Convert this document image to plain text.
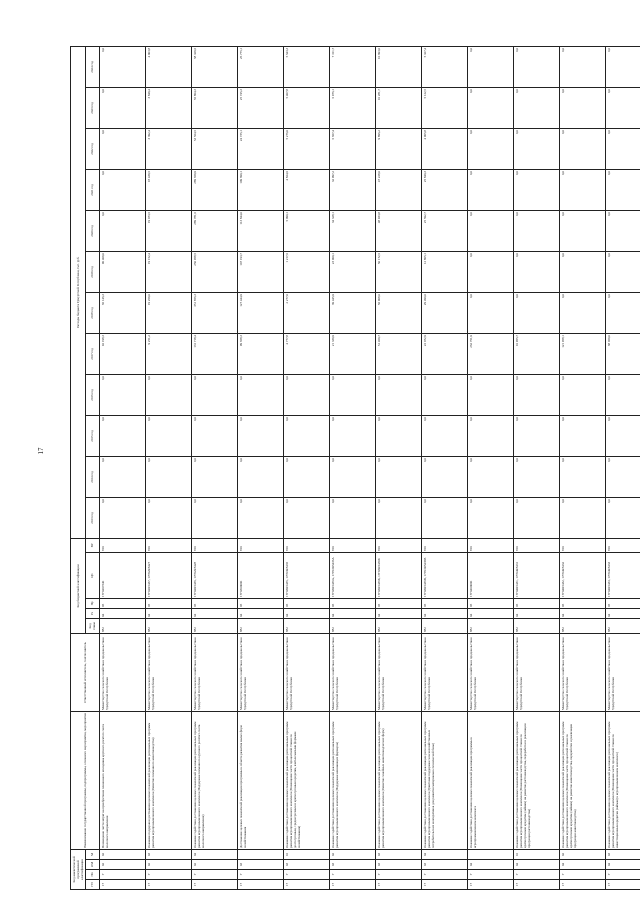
17
Код аналитической программной классификации				Наименование государственной программы, подпрограммы, основного мероприятия, мероприятия	Ответственный исполнитель, соисполнитель	Код бюджетной классификации					Расходы бюджета Удмуртской Республики, тыс. руб.											
ГП	Пп	ОМ	М			Код главы	Рз	Пр	ЦС	ВР	2013 год	2014 год	2015 год	2016 год	2017 год	2018 год	2019 год	2020 год	2021 год	2022 год	2023 год	2024 год
17	Г	02	02	Возмещение части затрат на приобретение племенного молодняка крупного рогатого скота молочного направления	Министерство сельского хозяйства и продовольствия Удмуртской Республики	882	04	05	17Г0207340	810	0,0	0,0	0,0	0,0	92 198,3	66 146,3	90 409,0	0,0	0,0	0,0	0,0	0,0
17	Г	02	03	Оказание поддержки достижения целевых показателей реализации региональных программ развития агропромышленного комплекса (Развитие племенного животноводства)	Министерство сельского хозяйства и продовольствия Удмуртской Республики	882	04	05	17Г02R5437, 17Г02R5427	810	0,0	0,0	0,0	0,0	9 251,2	19 269,0	19 152,4	19 073,5	18 439,5	3 392,4	3 849,4	4 903,8
17	Г	02	04	Оказание содействия достижению целевых показателей реализации региональных программ развития агропромышленного комплекса (Поддержка племенного крупного рогатого скота молочного направления)	Министерство сельского хозяйства и продовольствия Удмуртской Республики	882	04	05	17Г02R5436, 17Г02R5428	810	0,0	0,0	0,0	0,0	131 718,4	351 856,3	250 958,5	289 781,6	289 659,9	53 564,5	55 804,3	58 329,6
17	Г	03		Достижение целевых показателей реализации программы в области развития малых форм хозяйствования	Министерство сельского хозяйства и продовольствия Удмуртской Республики	882	04	05	17Г0300000	810	0,0	0,0	0,0	0,0	99 658,3	127 444,9	107 193,7	113 844,0	109 690,1	24 735,1	25 745,3	26 775,1
17	Г	03	01	Оказание содействия достижению целевых показателей реализации региональных программ развития агропромышленного комплекса (Возмещение части процентной ставки по долгосрочным, среднесрочным и краткосрочным кредитам, взятым малыми формами хозяйствования)	Министерство сельского хозяйства и продовольствия Удмуртской Республики	882	04	05	17Г03R5435, 17Г03R5435	810	0,0	0,0	0,0	0,0	4 777,8	2 277,0	1 217,6	5 090,1	4 824,6	5 276,0	5 407,8	5 543,3
17	Г	03	02	Оказание содействия достижению целевых показателей реализации региональных программ развития агропромышленного комплекса (Поддержка начинающих фермеров)	Министерство сельского хозяйства и продовольствия Удмуртской Республики	882	04	05	17Г03R5436А, 17Г03R5436А	810	0,0	0,0	0,0	0,0	21 339,9	39 445,9	23 900,1	34 328,1	32 997,2	6 667,4	6 976,1	7 311,7
17	Г	03	03	Оказание содействия достижению целевых показателей реализации региональных программ развития агропромышленного комплекса (Развитие семейных животноводческих ферм)	Министерство сельского хозяйства и продовольствия Удмуртской Республики	882	04	05	17Г03R5436Б, 17Г03R5436Б	810	0,0	0,0	0,0	0,0	51 469,7	56 908,0	50 172,5	48 933,8	47 228,0	9 896,2	10 281,7	10 693,0
17	Г	03	04	Оказание содействия достижению целевых показателей реализации региональных программ развития агропромышленного комплекса (Грантовая поддержка сельскохозяйственных потребительских кооперативов для развития материально-технической базы)	Министерство сельского хозяйства и продовольствия Удмуртской Республики	882	04	05	17Г03R5436В, 17Г03R5436В	810	0,0	0,0	0,0	0,0	22 072,9	29 490,0	12 805,1	25 592,7	25 840,3	4 905,8	5 122,5	5 327,4
17	Г	04		Оказание содействия достижению целевых показателей реализации программы в агропромышленном комплексе	Министерство сельского хозяйства и продовольствия Удмуртской Республики	882	04	05	17Г0400000	810	0,0	0,0	0,0	0,0	262 761,9	0,0	0,0	0,0	0,0	0,0	0,0	0,0
17	Г	04	01	Оказание содействия достижению целевых показателей реализации региональных программ развития агропромышленного комплекса (Возмещение части процентной ставки по краткосрочным кредитам (займам) на развитие растениеводства, переработки и реализации продукции растениеводства)	Министерство сельского хозяйства и продовольствия Удмуртской Республики	882	04	05	17Г04R5431, 17Г04R5431	810	0,0	0,0	0,0	0,0	10 955,7	0,0	0,0	0,0	0,0	0,0	0,0	0,0
17	Г	04	02	Оказание содействия достижению целевых показателей реализации региональных программ развития агропромышленного комплекса (Возмещение части процентной ставки по краткосрочным кредитам (займам) на развитие животноводства, переработки и реализации продукции животноводства)	Министерство сельского хозяйства и продовольствия Удмуртской Республики	882	04	05	17Г04R5432, 17Г04R5432	810	0,0	0,0	0,0	0,0	121 958,1	0,0	0,0	0,0	0,0	0,0	0,0	0,0
17	Г	04	03	Оказание содействия достижению целевых показателей реализации региональных программ развития агропромышленного комплекса (Возмещение части процентной ставки по инвестиционным кредитам (займам) в агропромышленном комплексе)	Министерство сельского хозяйства и продовольствия Удмуртской Республики	882	04	05	17Г04R5433, 17Г04R5433	810	0,0	0,0	0,0	0,0	68 059,0	0,0	0,0	0,0	0,0	0,0	0,0	0,0
